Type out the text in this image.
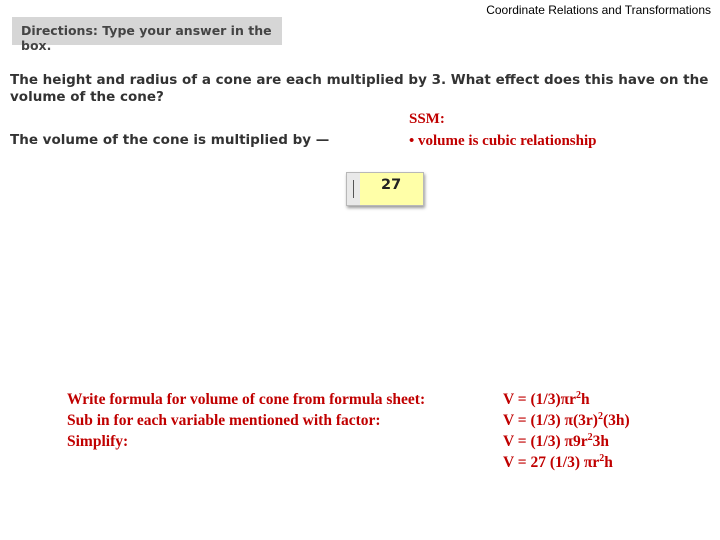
Coordinate Relations and Transformations
Directions: Type your answer in the box.
The height and radius of a cone are each multiplied by 3. What effect does this have on the volume of the cone?
The volume of the cone is multiplied by —
SSM:
• volume is cubic relationship
27
Write formula for volume of cone from formula sheet:
Sub in for each variable mentioned with factor:
Simplify:
$V = (1/3)\pi r^2h$
V = (1/3) $\pi(3r)^2(3h)$
V = (1/3) $\pi 9r^23h$
V = 27 (1/3) $\pi r^2h$
